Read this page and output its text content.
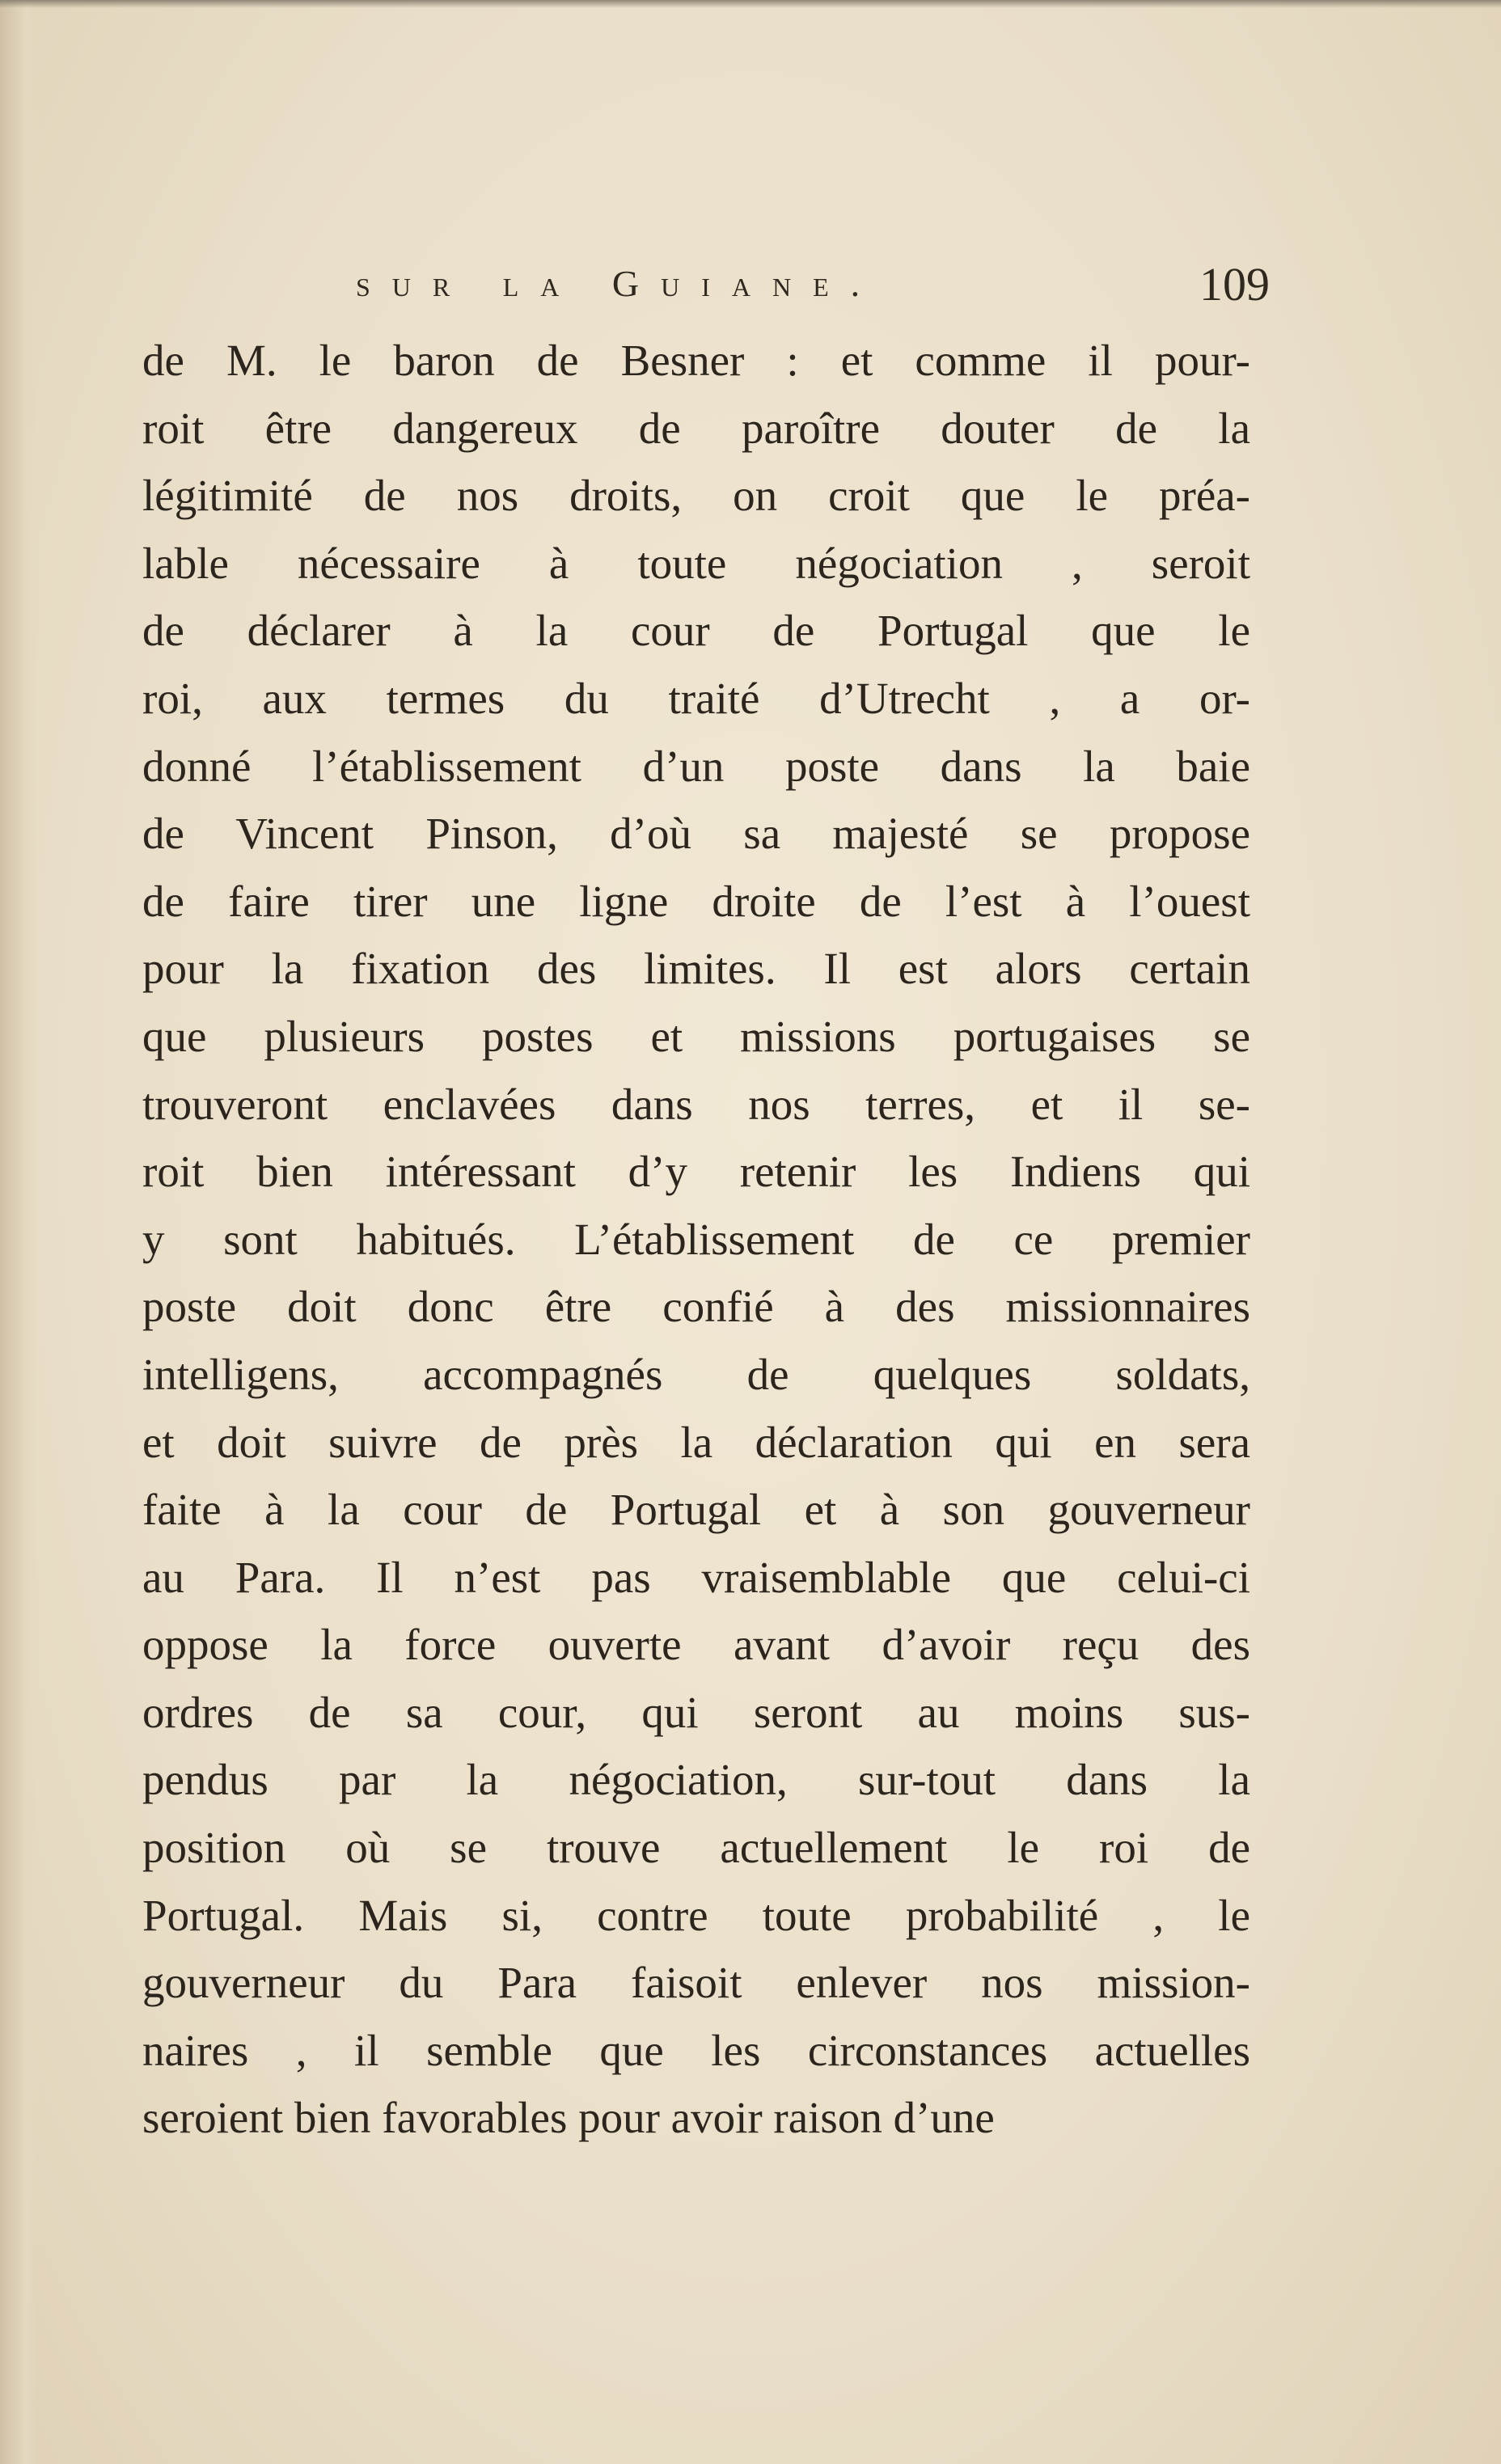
sur la Guiane.	109
de M. le baron de Besner : et comme il pour-
roit être dangereux de paroître douter de la
légitimité de nos droits, on croit que le préa-
lable nécessaire à toute négociation , seroit
de déclarer à la cour de Portugal que le
roi, aux termes du traité d’Utrecht , a or-
donné l’établissement d’un poste dans la baie
de Vincent Pinson, d’où sa majesté se propose
de faire tirer une ligne droite de l’est à l’ouest
pour la fixation des limites. Il est alors certain
que plusieurs postes et missions portugaises se
trouveront enclavées dans nos terres, et il se-
roit bien intéressant d’y retenir les Indiens qui
y sont habitués. L’établissement de ce premier
poste doit donc être confié à des missionnaires
intelligens, accompagnés de quelques soldats,
et doit suivre de près la déclaration qui en sera
faite à la cour de Portugal et à son gouverneur
au Para. Il n’est pas vraisemblable que celui-ci
oppose la force ouverte avant d’avoir reçu des
ordres de sa cour, qui seront au moins sus-
pendus par la négociation, sur-tout dans la
position où se trouve actuellement le roi de
Portugal. Mais si, contre toute probabilité , le
gouverneur du Para faisoit enlever nos mission-
naires , il semble que les circonstances actuelles
seroient bien favorables pour avoir raison d’une
